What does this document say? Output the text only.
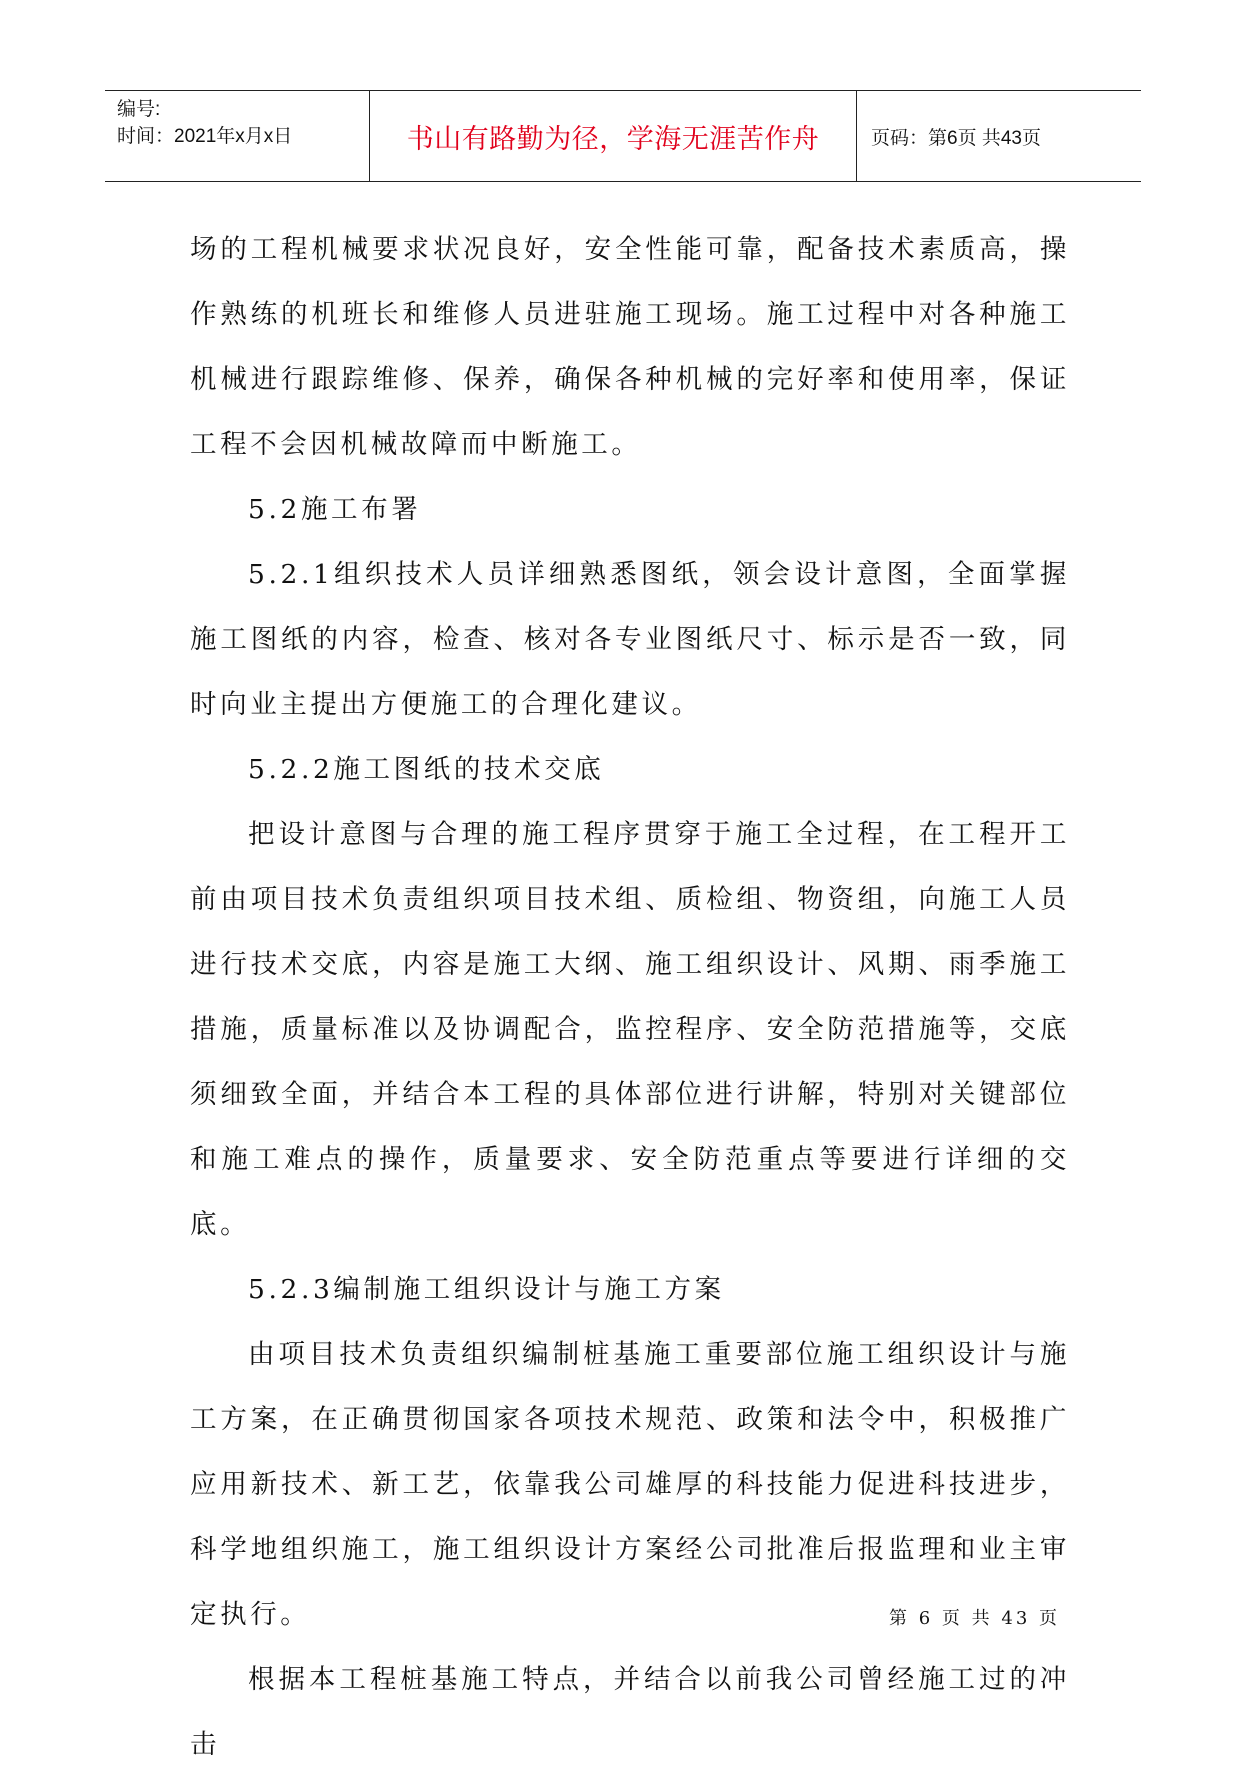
编号:
时间：2021年x月x日	书山有路勤为径，学海无涯苦作舟	页码：第6页 共43页

场的工程机械要求状况良好，安全性能可靠，配备技术素质高，操作熟练的机班长和维修人员进驻施工现场。施工过程中对各种施工机械进行跟踪维修、保养，确保各种机械的完好率和使用率，保证工程不会因机械故障而中断施工。

5.2施工布署

5.2.1组织技术人员详细熟悉图纸，领会设计意图，全面掌握施工图纸的内容，检查、核对各专业图纸尺寸、标示是否一致，同时向业主提出方便施工的合理化建议。

5.2.2施工图纸的技术交底

把设计意图与合理的施工程序贯穿于施工全过程，在工程开工前由项目技术负责组织项目技术组、质检组、物资组，向施工人员进行技术交底，内容是施工大纲、施工组织设计、风期、雨季施工措施，质量标准以及协调配合，监控程序、安全防范措施等，交底须细致全面，并结合本工程的具体部位进行讲解，特别对关键部位和施工难点的操作，质量要求、安全防范重点等要进行详细的交底。

5.2.3编制施工组织设计与施工方案

由项目技术负责组织编制桩基施工重要部位施工组织设计与施工方案，在正确贯彻国家各项技术规范、政策和法令中，积极推广应用新技术、新工艺，依靠我公司雄厚的科技能力促进科技进步，科学地组织施工，施工组织设计方案经公司批准后报监理和业主审定执行。

根据本工程桩基施工特点，并结合以前我公司曾经施工过的冲击

第 6 页 共 43 页
